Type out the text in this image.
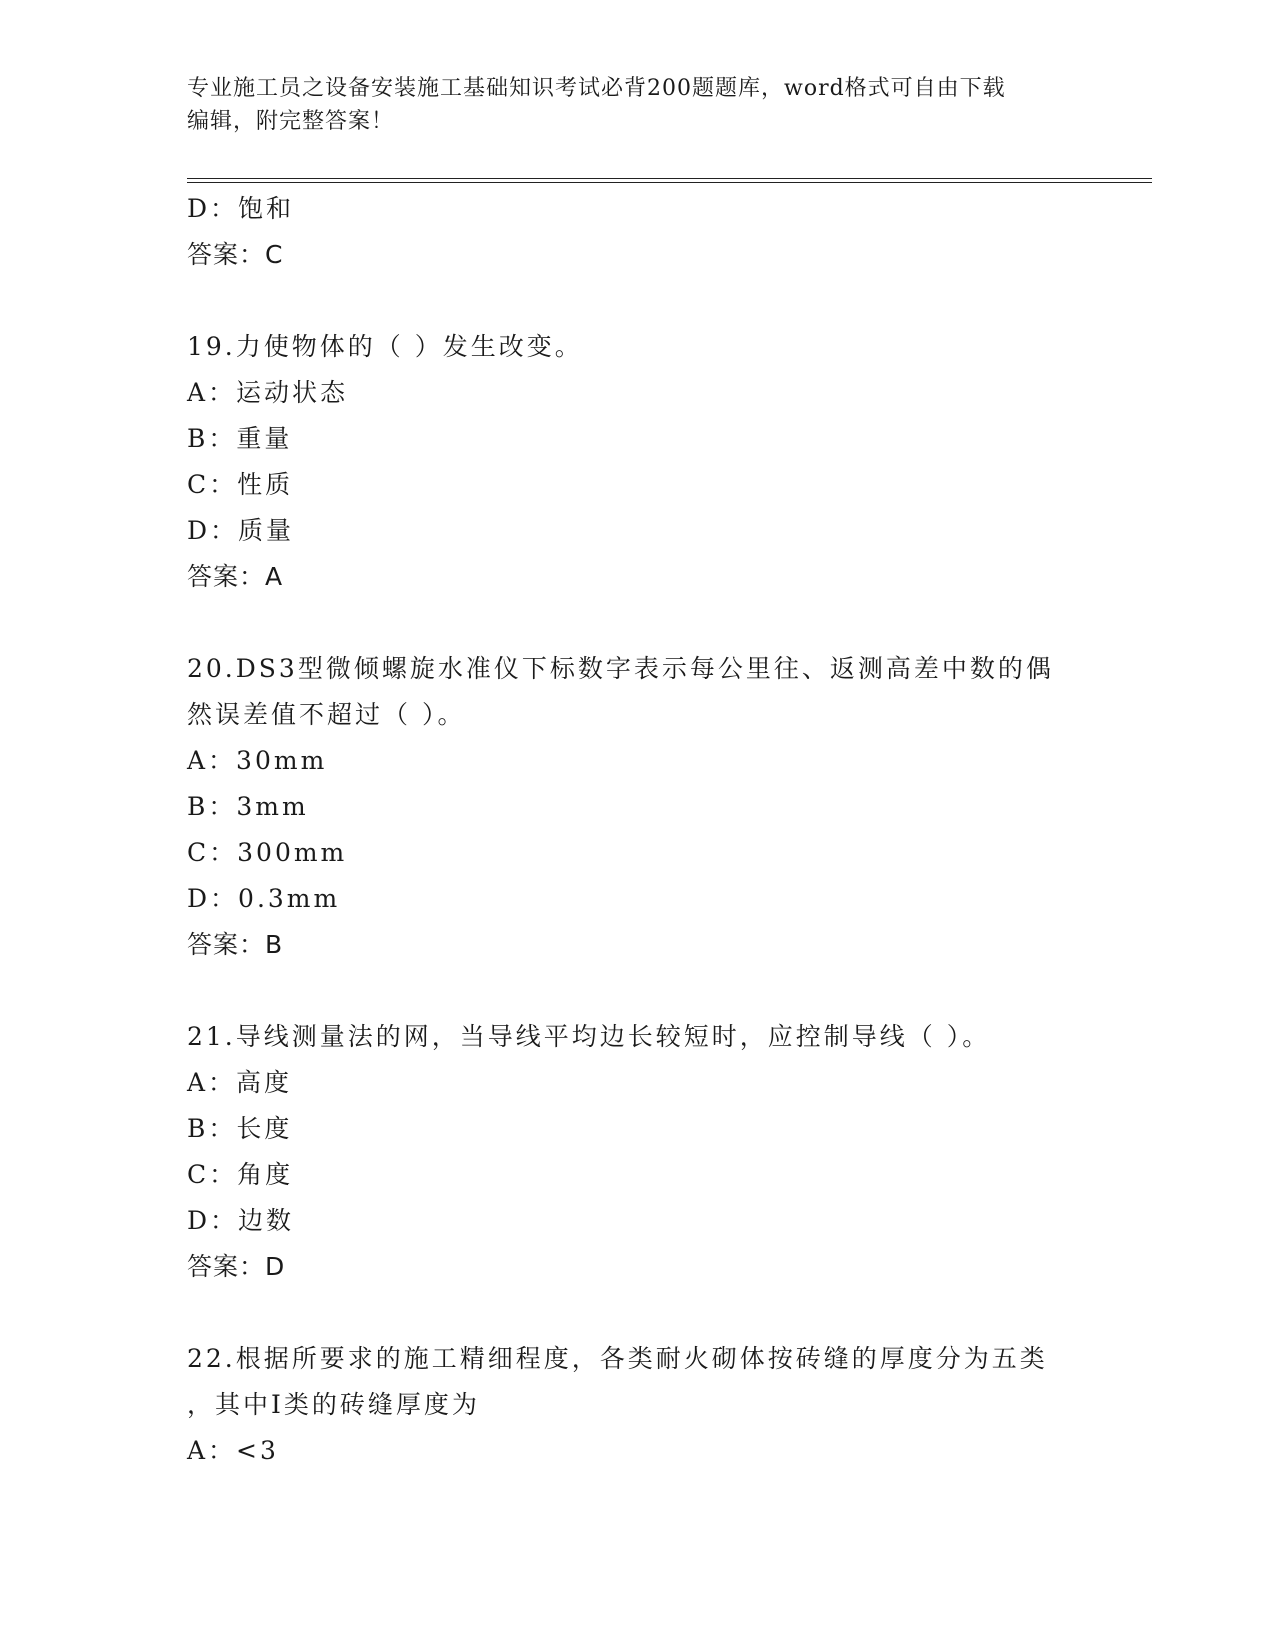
专业施工员之设备安装施工基础知识考试必背200题题库，word格式可自由下载
编辑，附完整答案！
D：饱和
答案：C
19.力使物体的（ ）发生改变。
A：运动状态
B：重量
C：性质
D：质量
答案：A
20.DS3型微倾螺旋水准仪下标数字表示每公里往、返测高差中数的偶
然误差值不超过（ ）。
A：30mm
B：3mm
C：300mm
D：0.3mm
答案：B
21.导线测量法的网，当导线平均边长较短时，应控制导线（ ）。
A：高度
B：长度
C：角度
D：边数
答案：D
22.根据所要求的施工精细程度，各类耐火砌体按砖缝的厚度分为五类
，其中Ⅰ类的砖缝厚度为
A：<3
